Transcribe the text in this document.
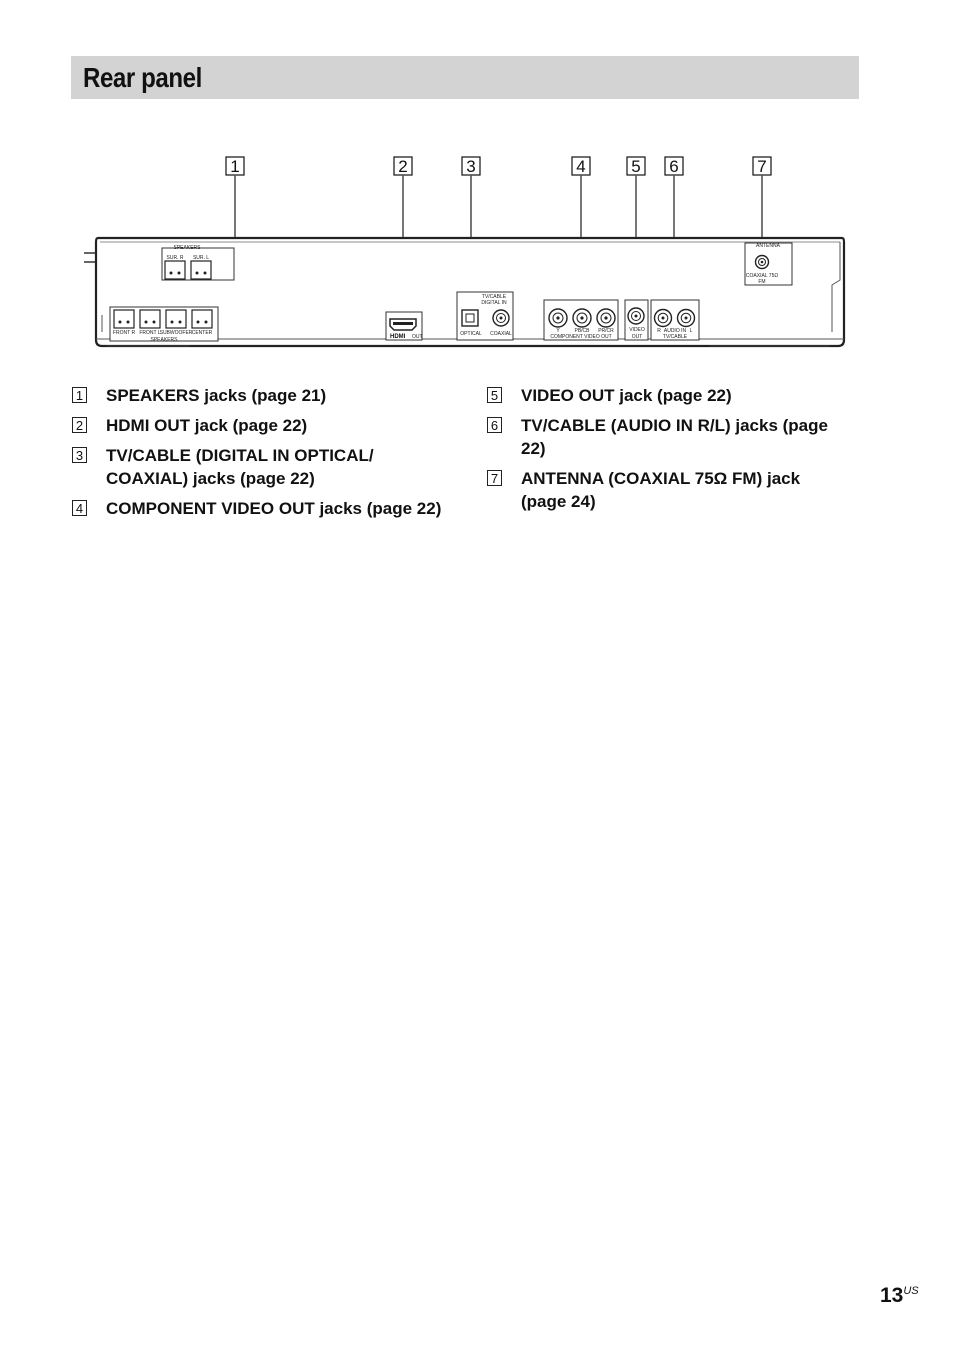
Rear panel
1	2	3	4	5 6	7
SPEAKERS
SUR. R SUR. L
FRONT R FRONT L
SUBWOOFER CENTER
SPEAKERS	HDMI OUT
TV/CABLE
DIGITAL IN
OPTICAL COAXIAL	Y	PB/CB PR/CR
COMPONENT VIDEO OUT
VIDEO
OUT
R AUDIO IN L
TV/CABLE
ANTENNA
COAXIAL 75Ω
FM
1 SPEAKERS jacks (page 21)
2 HDMI OUT jack (page 22)
3 TV/CABLE (DIGITAL IN OPTICAL/ COAXIAL) jacks (page 22)
4 COMPONENT VIDEO OUT jacks (page 22)
5 VIDEO OUT jack (page 22)
6 TV/CABLE (AUDIO IN R/L) jacks (page 22)
7 ANTENNA (COAXIAL 75Ω FM) jack (page 24)
$13^{US}$
